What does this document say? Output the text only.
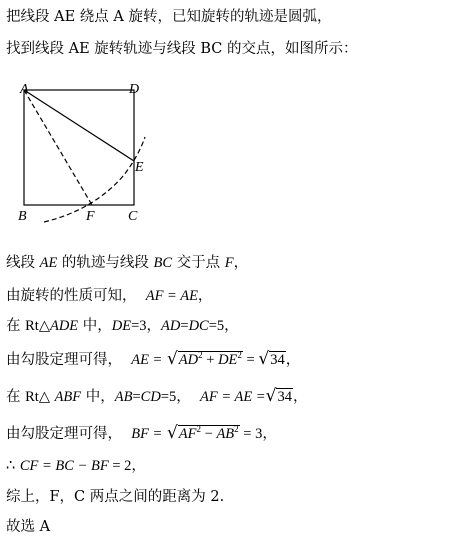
把线段 AE 绕点 A 旋转，已知旋转的轨迹是圆弧，
找到线段 AE 旋转轨迹与线段 BC 的交点，如图所示：
A	D
E
B	F C
线段 AE 的轨迹与线段 BC 交于点 F，
由旋转的性质可知， AF = AE，
在 Rt△ADE 中，DE=3，AD=DC=5，
由勾股定理可得， AE = $√AD^2 + DE^2 = √34$，
在 Rt△ ABF 中，AB=CD=5， AF = AE =√34，
由勾股定理可得， BF = $√AF^2 - AB^2 = 3$，
∴ CF = BC − BF = 2，
综上，F，C 两点之间的距离为 2.
故选 A
